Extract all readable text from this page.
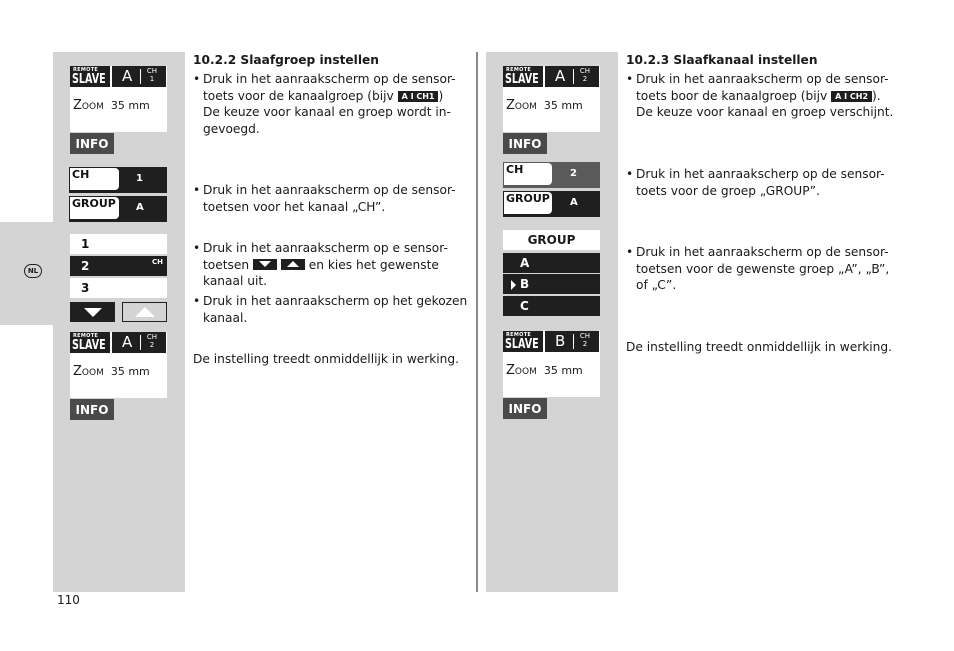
NL
REMOTE
SLAVE A CH
1
ZOOM 35 mm
INFO
CH	1
GROUP	A
1
2	CH
3
REMOTE
SLAVE A CH
2
ZOOM 35 mm
INFO
10.2.2 Slaafgroep instellen
• Druk in het aanraakscherm op de sensor-
toets voor de kanaalgroep (bijv A I CH1 )
De keuze voor kanaal en groep wordt in-
gevoegd.
• Druk in het aanraakscherm op de sensor-
toetsen voor het kanaal „CH”.
• Druk in het aanraakscherm op e sensor-
toetsen	en kies het gewenste
kanaal uit.
• Druk in het aanraakscherm op het gekozen
kanaal.
De instelling treedt onmiddellijk in werking.
REMOTE
SLAVE A CH
2
ZOOM 35 mm
INFO
CH	2
GROUP A
GROUP
A
B
C
REMOTE
SLAVE B CH
2
ZOOM 35 mm
INFO
10.2.3 Slaafkanaal instellen
• Druk in het aanraakscherm op de sensor-
toets boor de kanaalgroep (bijv A I CH2 ).
De keuze voor kanaal en groep verschijnt.
• Druk in het aanraakscherp op de sensor-
toets voor de groep „GROUP”.
• Druk in het aanraakscherm op de sensor-
toetsen voor de gewenste groep „A”, „B”,
of „C”.
De instelling treedt onmiddellijk in werking.
110
